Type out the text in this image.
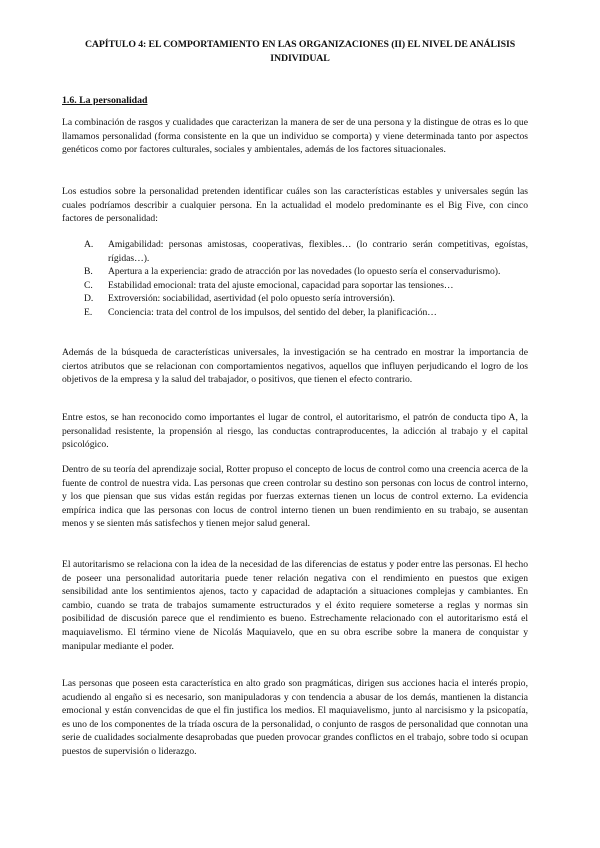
CAPÍTULO 4: EL COMPORTAMIENTO EN LAS ORGANIZACIONES (II) EL NIVEL DE ANÁLISIS INDIVIDUAL
1.6. La personalidad

La combinación de rasgos y cualidades que caracterizan la manera de ser de una persona y la distingue de otras es lo que llamamos personalidad (forma consistente en la que un individuo se comporta) y viene determinada tanto por aspectos genéticos como por factores culturales, sociales y ambientales, además de los factores situacionales.

Los estudios sobre la personalidad pretenden identificar cuáles son las características estables y universales según las cuales podríamos describir a cualquier persona. En la actualidad el modelo predominante es el Big Five, con cinco factores de personalidad:

A. Amigabilidad: personas amistosas, cooperativas, flexibles… (lo contrario serán competitivas, egoístas, rígidas…).
B. Apertura a la experiencia: grado de atracción por las novedades (lo opuesto sería el conservadurismo).
C. Estabilidad emocional: trata del ajuste emocional, capacidad para soportar las tensiones…
D. Extroversión: sociabilidad, asertividad (el polo opuesto sería introversión).
E. Conciencia: trata del control de los impulsos, del sentido del deber, la planificación…

Además de la búsqueda de características universales, la investigación se ha centrado en mostrar la importancia de ciertos atributos que se relacionan con comportamientos negativos, aquellos que influyen perjudicando el logro de los objetivos de la empresa y la salud del trabajador, o positivos, que tienen el efecto contrario.

Entre estos, se han reconocido como importantes el lugar de control, el autoritarismo, el patrón de conducta tipo A, la personalidad resistente, la propensión al riesgo, las conductas contraproducentes, la adicción al trabajo y el capital psicológico.

Dentro de su teoría del aprendizaje social, Rotter propuso el concepto de locus de control como una creencia acerca de la fuente de control de nuestra vida. Las personas que creen controlar su destino son personas con locus de control interno, y los que piensan que sus vidas están regidas por fuerzas externas tienen un locus de control externo. La evidencia empírica indica que las personas con locus de control interno tienen un buen rendimiento en su trabajo, se ausentan menos y se sienten más satisfechos y tienen mejor salud general.

El autoritarismo se relaciona con la idea de la necesidad de las diferencias de estatus y poder entre las personas. El hecho de poseer una personalidad autoritaria puede tener relación negativa con el rendimiento en puestos que exigen sensibilidad ante los sentimientos ajenos, tacto y capacidad de adaptación a situaciones complejas y cambiantes. En cambio, cuando se trata de trabajos sumamente estructurados y el éxito requiere someterse a reglas y normas sin posibilidad de discusión parece que el rendimiento es bueno. Estrechamente relacionado con el autoritarismo está el maquiavelismo. El término viene de Nicolás Maquiavelo, que en su obra escribe sobre la manera de conquistar y manipular mediante el poder.

Las personas que poseen esta característica en alto grado son pragmáticas, dirigen sus acciones hacia el interés propio, acudiendo al engaño si es necesario, son manipuladoras y con tendencia a abusar de los demás, mantienen la distancia emocional y están convencidas de que el fin justifica los medios. El maquiavelismo, junto al narcisismo y la psicopatía, es uno de los componentes de la tríada oscura de la personalidad, o conjunto de rasgos de personalidad que connotan una serie de cualidades socialmente desaprobadas que pueden provocar grandes conflictos en el trabajo, sobre todo si ocupan puestos de supervisión o liderazgo.
